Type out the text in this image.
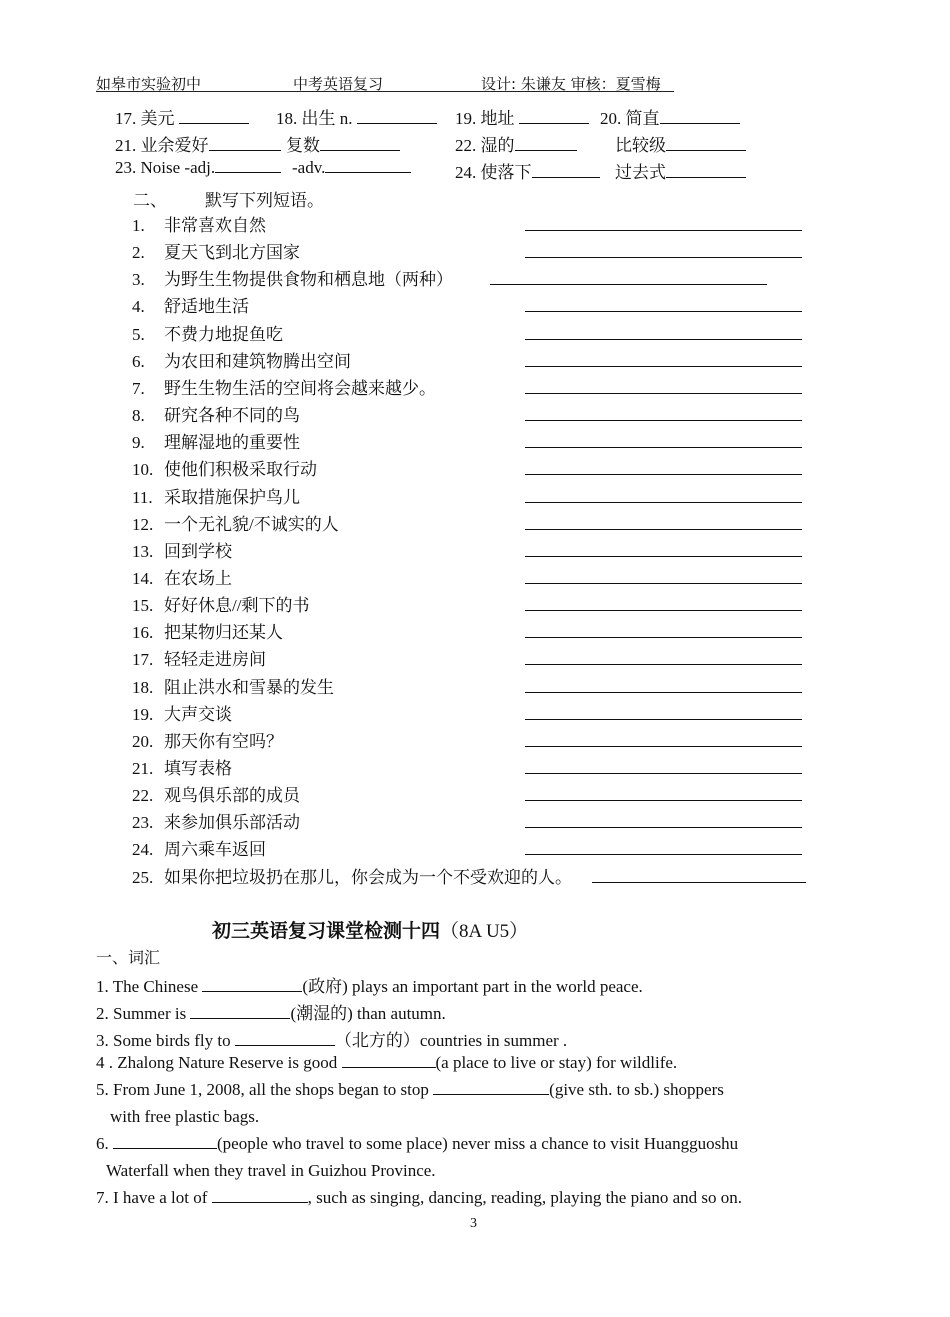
如皋市实验初中	中考英语复习	设计: 朱谦友 审核：夏雪梅
17. 美元	18. 出生 n.	19. 地址	20. 简直
21. 业余爱好	复数	22. 湿的	比较级
23. Noise -adj.	-adv.	24. 使落下	过去式
二、 默写下列短语。
1. 非常喜欢自然
2. 夏天飞到北方国家
3. 为野生生物提供食物和栖息地（两种）
4. 舒适地生活
5. 不费力地捉鱼吃
6. 为农田和建筑物腾出空间
7. 野生生物生活的空间将会越来越少。
8. 研究各种不同的鸟
9. 理解湿地的重要性
10. 使他们积极采取行动
11. 采取措施保护鸟儿
12. 一个无礼貌/不诚实的人
13. 回到学校
14. 在农场上
15. 好好休息//剩下的书
16. 把某物归还某人
17. 轻轻走进房间
18. 阻止洪水和雪暴的发生
19. 大声交谈
20. 那天你有空吗？
21. 填写表格
22. 观鸟俱乐部的成员
23. 来参加俱乐部活动
24. 周六乘车返回
25. 如果你把垃圾扔在那儿，你会成为一个不受欢迎的人。
初三英语复习课堂检测十四（8A U5）
一、词汇
1. The Chinese	(政府) plays an important part in the world peace.
2. Summer is	(潮湿的) than autumn.
3. Some birds fly to	（北方的）countries in summer .
4 . Zhalong Nature Reserve is good	(a place to live or stay) for wildlife.
5. From June 1, 2008, all the shops began to stop	(give sth. to sb.) shoppers
with free plastic bags.
6.	(people who travel to some place) never miss a chance to visit Huangguoshu
Waterfall when they travel in Guizhou Province.
7. I have a lot of	, such as singing, dancing, reading, playing the piano and so on.
3
